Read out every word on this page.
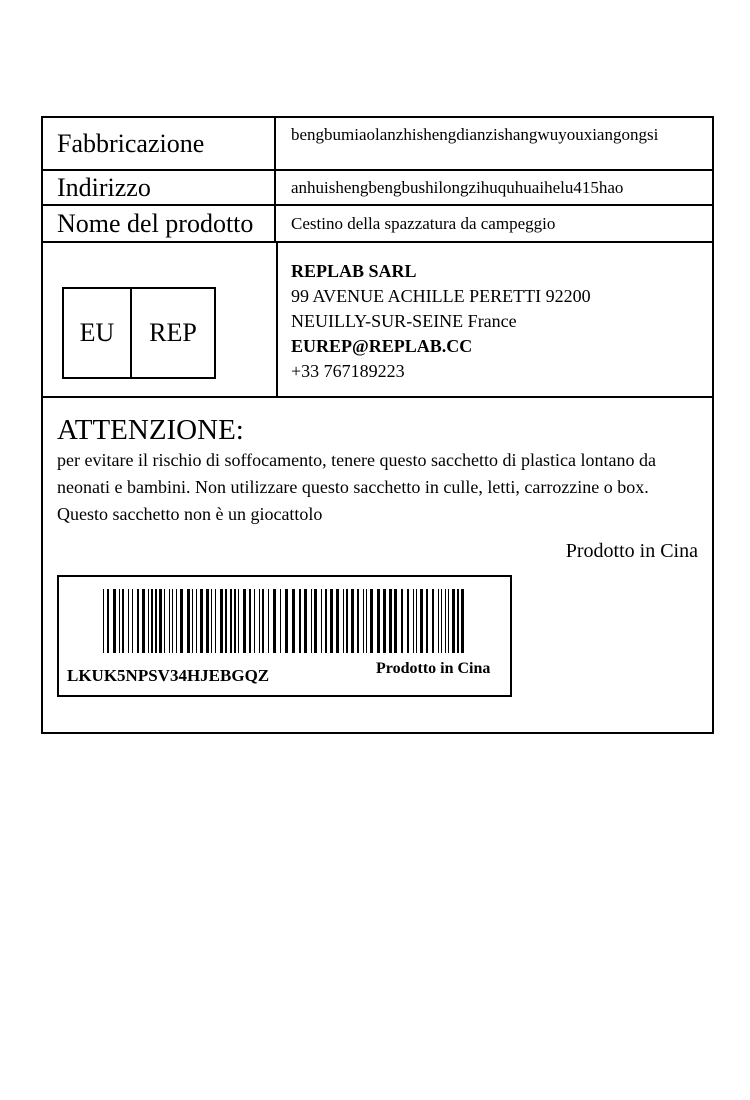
Fabbricazione	bengbumiaolanzhishengdianzishangwuyouxiangongsi
Indirizzo	anhuishengbengbushilongzihuquhuaihelu415hao
Nome del prodotto	Cestino della spazzatura da campeggio
EU	REP
REPLAB SARL
99 AVENUE ACHILLE PERETTI 92200
NEUILLY-SUR-SEINE France
EUREP@REPLAB.CC
+33 767189223
ATTENZIONE:
per evitare il rischio di soffocamento, tenere questo sacchetto di plastica lontano da neonati e bambini. Non utilizzare questo sacchetto in culle, letti, carrozzine o box. Questo sacchetto non è un giocattolo
Prodotto in Cina
LKUK5NPSV34HJEBGQZ	Prodotto in Cina
